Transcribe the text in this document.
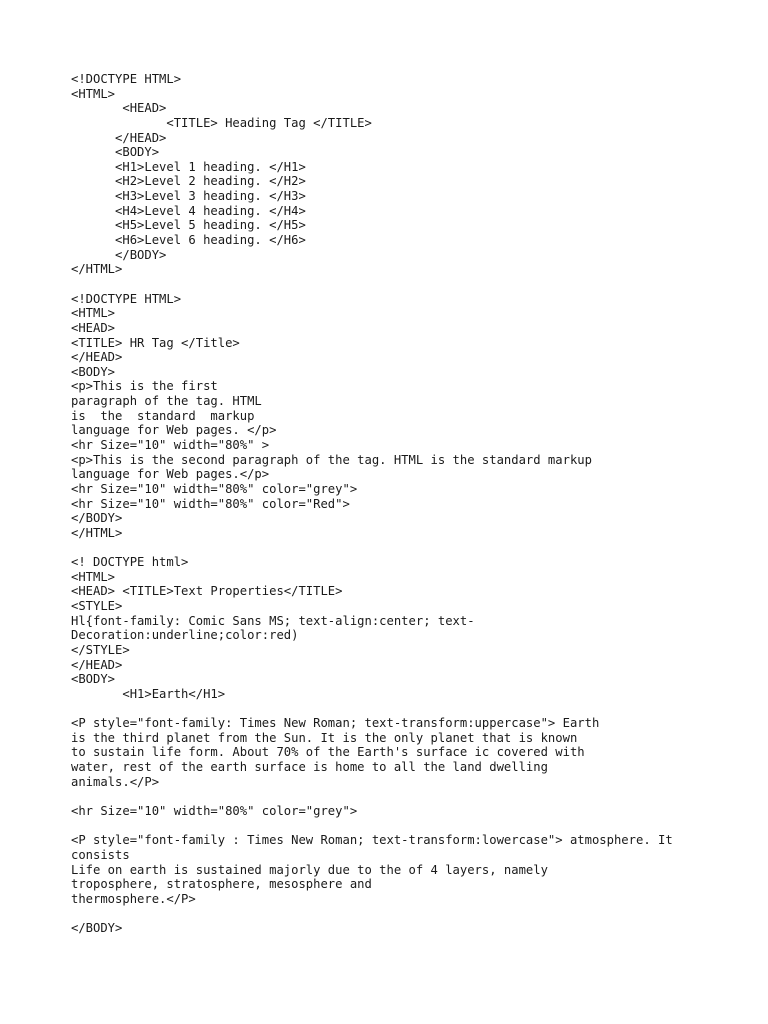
<!DOCTYPE HTML>
<HTML>
<HEAD>
<TITLE> Heading Tag </TITLE>
</HEAD>
<BODY>
<H1>Level 1 heading. </H1>
<H2>Level 2 heading. </H2>
<H3>Level 3 heading. </H3>
<H4>Level 4 heading. </H4>
<H5>Level 5 heading. </H5>
<H6>Level 6 heading. </H6>
</BODY>
</HTML>
<!DOCTYPE HTML>
<HTML>
<HEAD>
<TITLE> HR Tag </Title>
</HEAD>
<BODY>
<p>This is the first
paragraph of the tag. HTML
is  the  standard  markup
language for Web pages. </p>
<hr Size="10" width="80%" >
<p>This is the second paragraph of the tag. HTML is the standard markup
language for Web pages.</p>
<hr Size="10" width="80%" color="grey">
<hr Size="10" width="80%" color="Red">
</BODY>
</HTML>
<! DOCTYPE html>
<HTML>
<HEAD> <TITLE>Text Properties</TITLE>
<STYLE>
Hl{font-family: Comic Sans MS; text-align:center; text-
Decoration:underline;color:red)
</STYLE>
</HEAD>
<BODY>
<H1>Earth</H1>
<P style="font-family: Times New Roman; text-transform:uppercase"> Earth
is the third planet from the Sun. It is the only planet that is known
to sustain life form. About 70% of the Earth's surface ic covered with
water, rest of the earth surface is home to all the land dwelling
animals.</P>
<hr Size="10" width="80%" color="grey">
<P style="font-family : Times New Roman; text-transform:lowercase"> atmosphere. It
consists
Life on earth is sustained majorly due to the of 4 layers, namely
troposphere, stratosphere, mesosphere and
thermosphere.</P>
</BODY>
